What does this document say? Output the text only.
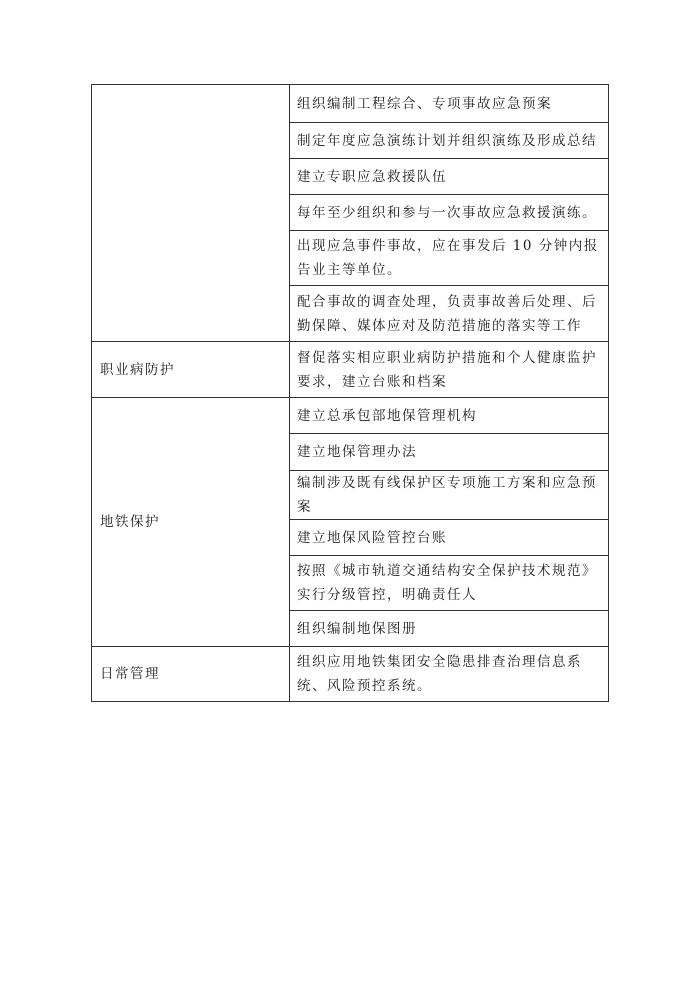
	组织编制工程综合、专项事故应急预案
	制定年度应急演练计划并组织演练及形成总结
	建立专职应急救援队伍
	每年至少组织和参与一次事故应急救援演练。
	出现应急事件事故，应在事发后 10 分钟内报告业主等单位。
	配合事故的调查处理，负责事故善后处理、后勤保障、媒体应对及防范措施的落实等工作
职业病防护	督促落实相应职业病防护措施和个人健康监护要求，建立台账和档案
地铁保护	建立总承包部地保管理机构
	建立地保管理办法
	编制涉及既有线保护区专项施工方案和应急预案
	建立地保风险管控台账
	按照《城市轨道交通结构安全保护技术规范》实行分级管控，明确责任人
	组织编制地保图册
日常管理	组织应用地铁集团安全隐患排查治理信息系统、风险预控系统。
